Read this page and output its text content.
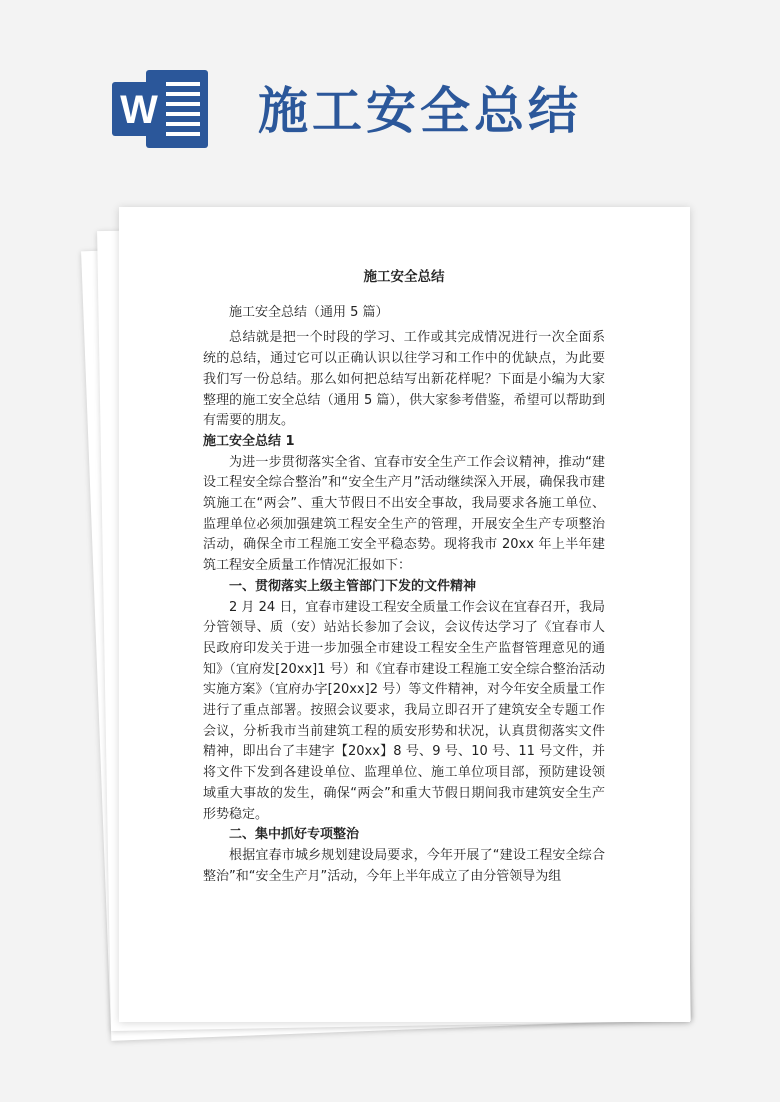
W 施工安全总结

施工安全总结

施工安全总结（通用 5 篇）

总结就是把一个时段的学习、工作或其完成情况进行一次全面系统的总结，通过它可以正确认识以往学习和工作中的优缺点，为此要我们写一份总结。那么如何把总结写出新花样呢？下面是小编为大家整理的施工安全总结（通用 5 篇），供大家参考借鉴，希望可以帮助到有需要的朋友。

施工安全总结 1

为进一步贯彻落实全省、宜春市安全生产工作会议精神，推动“建设工程安全综合整治”和“安全生产月”活动继续深入开展，确保我市建筑施工在“两会”、重大节假日不出安全事故，我局要求各施工单位、监理单位必须加强建筑工程安全生产的管理，开展安全生产专项整治活动，确保全市工程施工安全平稳态势。现将我市 20xx 年上半年建筑工程安全质量工作情况汇报如下：

一、贯彻落实上级主管部门下发的文件精神

2 月 24 日，宜春市建设工程安全质量工作会议在宜春召开，我局分管领导、质（安）站站长参加了会议，会议传达学习了《宜春市人民政府印发关于进一步加强全市建设工程安全生产监督管理意见的通知》（宜府发[20xx]1 号）和《宜春市建设工程施工安全综合整治活动实施方案》（宜府办字[20xx]2 号）等文件精神，对今年安全质量工作进行了重点部署。按照会议要求，我局立即召开了建筑安全专题工作会议，分析我市当前建筑工程的质安形势和状况，认真贯彻落实文件精神，即出台了丰建字【20xx】8 号、9 号、10 号、11 号文件，并将文件下发到各建设单位、监理单位、施工单位项目部，预防建设领域重大事故的发生，确保“两会”和重大节假日期间我市建筑安全生产形势稳定。

二、集中抓好专项整治

根据宜春市城乡规划建设局要求，今年开展了“建设工程安全综合整治”和“安全生产月”活动，今年上半年成立了由分管领导为组
